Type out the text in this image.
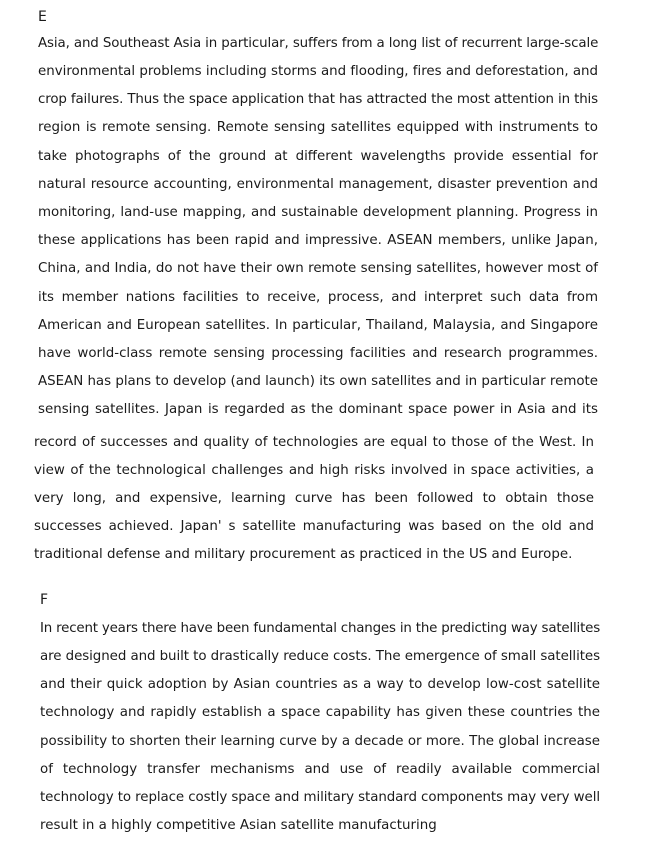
E

Asia, and Southeast Asia in particular, suffers from a long list of recurrent large-scale

environmental problems including storms and flooding, fires and deforestation, and

crop failures. Thus the space application that has attracted the most attention in this

region is remote sensing. Remote sensing satellites equipped with instruments to

take photographs of the ground at different wavelengths provide essential for

natural resource accounting, environmental management, disaster prevention and

monitoring, land-use mapping, and sustainable development planning. Progress in

these applications has been rapid and impressive. ASEAN members, unlike Japan,

China, and India, do not have their own remote sensing satellites, however most of

its member nations facilities to receive, process, and interpret such data from

American and European satellites. In particular, Thailand, Malaysia, and Singapore

have world-class remote sensing processing facilities and research programmes.

ASEAN has plans to develop (and launch) its own satellites and in particular remote

sensing satellites. Japan is regarded as the dominant space power in Asia and its

record of successes and quality of technologies are equal to those of the West. In

view of the technological challenges and high risks involved in space activities, a

very long, and expensive, learning curve has been followed to obtain those

successes achieved. Japan' s satellite manufacturing was based on the old and

traditional defense and military procurement as practiced in the US and Europe.

F

In recent years there have been fundamental changes in the predicting way satellites

are designed and built to drastically reduce costs. The emergence of small satellites

and their quick adoption by Asian countries as a way to develop low-cost satellite

technology and rapidly establish a space capability has given these countries the

possibility to shorten their learning curve by a decade or more. The global increase

of technology transfer mechanisms and use of readily available commercial

technology to replace costly space and military standard components may very well

result in a highly competitive Asian satellite manufacturing
